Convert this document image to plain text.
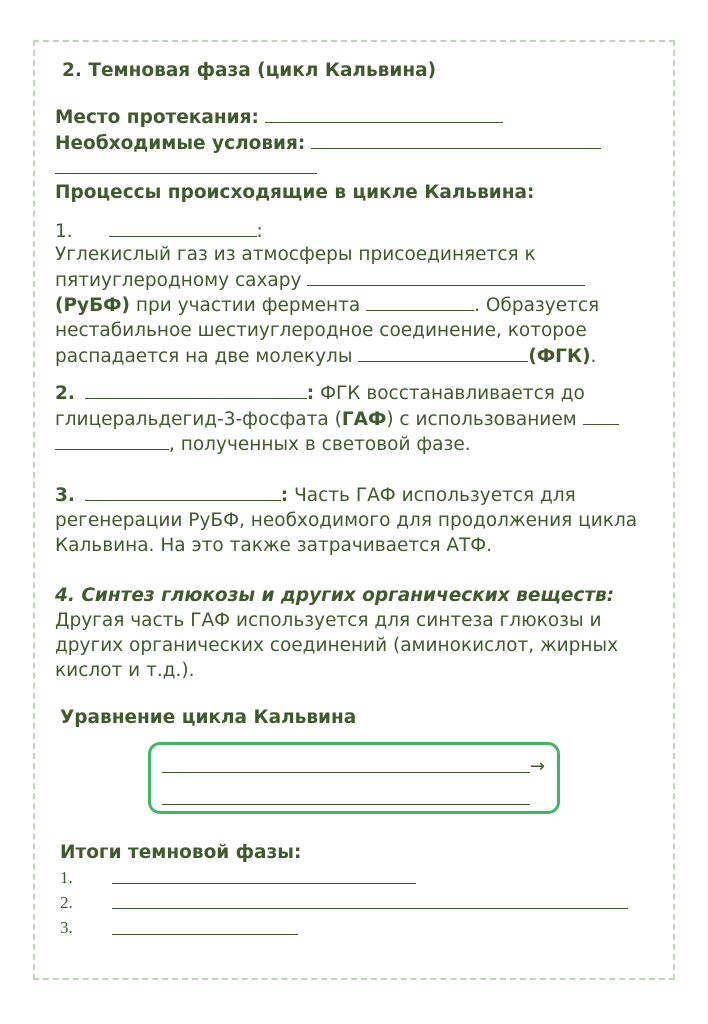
2. Темновая фаза (цикл Кальвина)
Место протекания:
Необходимые условия:
Процессы происходящие в цикле Кальвина:
1.	:
Углекислый газ из атмосферы присоединяется к
пятиуглеродному сахару
(РуБФ) при участии фермента	. Образуется
нестабильное шестиуглеродное соединение, которое
распадается на две молекулы	(ФГК).
2.	: ФГК восстанавливается до
глицеральдегид-3-фосфата (ГАФ) с использованием
, полученных в световой фазе.
3.	: Часть ГАФ используется для
регенерации РуБФ, необходимого для продолжения цикла
Кальвина. На это также затрачивается АТФ.
4. Синтез глюкозы и других органических веществ:
Другая часть ГАФ используется для синтеза глюкозы и
других органических соединений (аминокислот, жирных
кислот и т.д.).
Уравнение цикла Кальвина
→
Итоги темновой фазы:
1.
2.
3.
